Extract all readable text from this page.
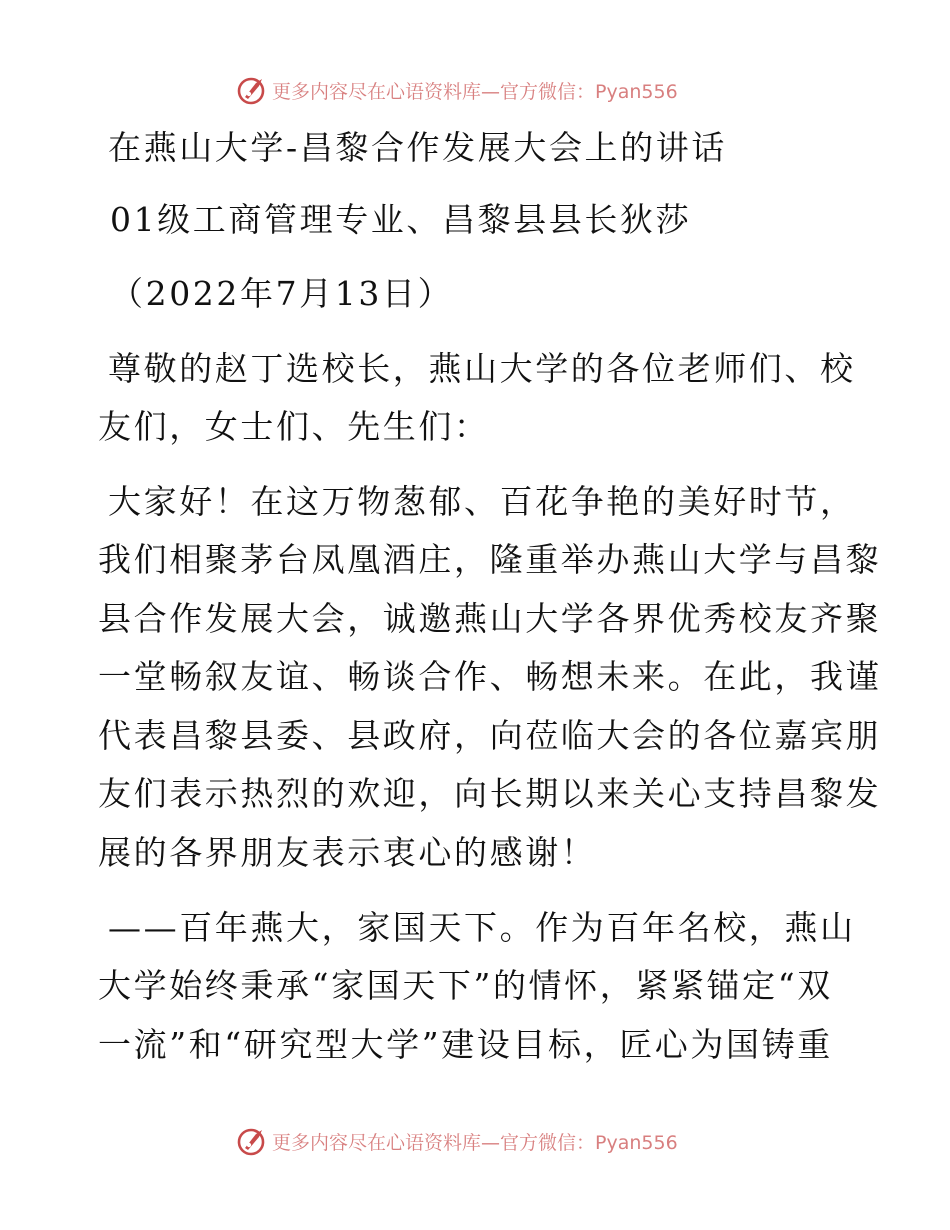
更多内容尽在心语资料库—官方微信：Pyan556
在燕山大学-昌黎合作发展大会上的讲话
01级工商管理专业、昌黎县县长狄莎
（2022年7月13日）
尊敬的赵丁选校长，燕山大学的各位老师们、校
友们，女士们、先生们：
大家好！在这万物葱郁、百花争艳的美好时节，
我们相聚茅台凤凰酒庄，隆重举办燕山大学与昌黎
县合作发展大会，诚邀燕山大学各界优秀校友齐聚
一堂畅叙友谊、畅谈合作、畅想未来。在此，我谨
代表昌黎县委、县政府，向莅临大会的各位嘉宾朋
友们表示热烈的欢迎，向长期以来关心支持昌黎发
展的各界朋友表示衷心的感谢！
——百年燕大，家国天下。作为百年名校，燕山
大学始终秉承“家国天下”的情怀，紧紧锚定“双
一流”和“研究型大学”建设目标，匠心为国铸重
更多内容尽在心语资料库—官方微信：Pyan556
